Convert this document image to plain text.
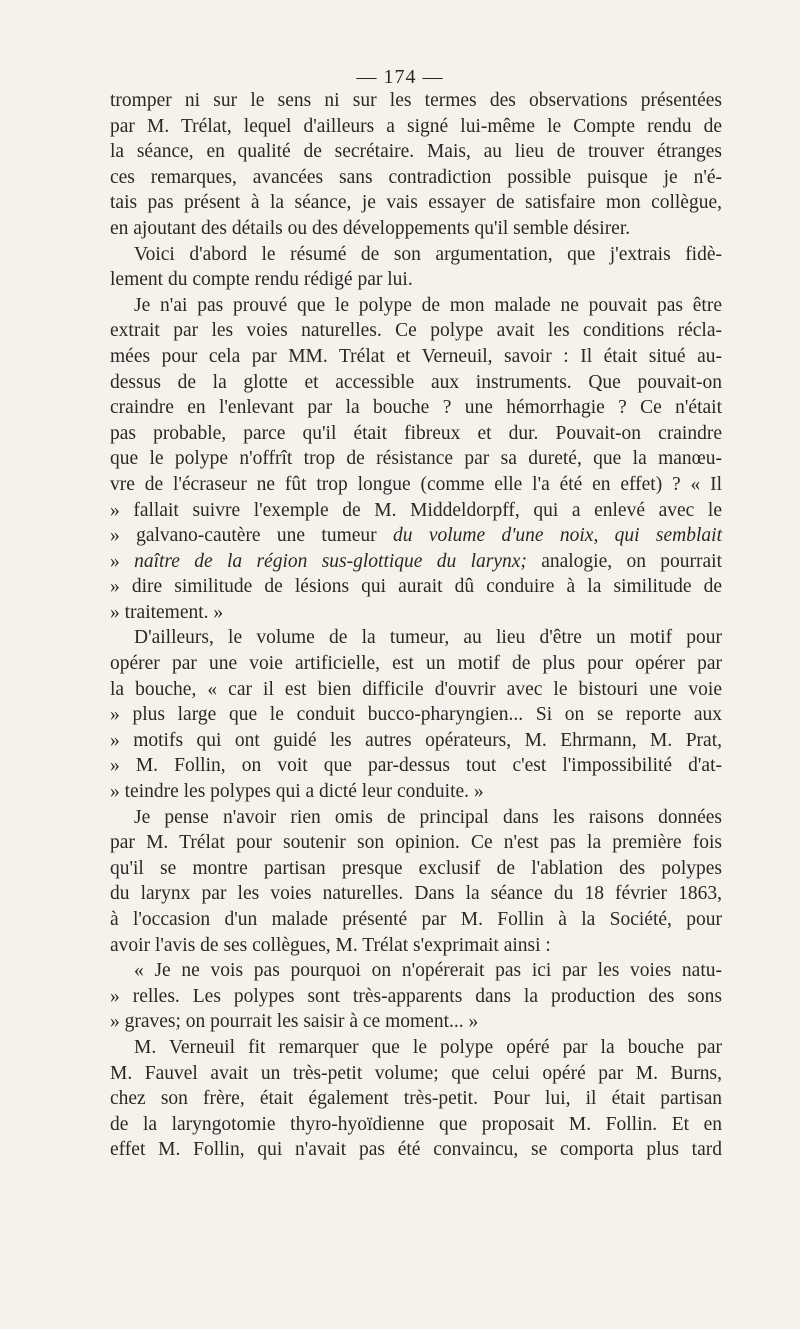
— 174 —
tromper ni sur le sens ni sur les termes des observations présentées
par M. Trélat, lequel d'ailleurs a signé lui-même le Compte rendu de
la séance, en qualité de secrétaire. Mais, au lieu de trouver étranges
ces remarques, avancées sans contradiction possible puisque je n'é-
tais pas présent à la séance, je vais essayer de satisfaire mon collègue,
en ajoutant des détails ou des développements qu'il semble désirer.
Voici d'abord le résumé de son argumentation, que j'extrais fidè-
lement du compte rendu rédigé par lui.
Je n'ai pas prouvé que le polype de mon malade ne pouvait pas être
extrait par les voies naturelles. Ce polype avait les conditions récla-
mées pour cela par MM. Trélat et Verneuil, savoir : Il était situé au-
dessus de la glotte et accessible aux instruments. Que pouvait-on
craindre en l'enlevant par la bouche ? une hémorrhagie ? Ce n'était
pas probable, parce qu'il était fibreux et dur. Pouvait-on craindre
que le polype n'offrît trop de résistance par sa dureté, que la manœu-
vre de l'écraseur ne fût trop longue (comme elle l'a été en effet) ? « Il
» fallait suivre l'exemple de M. Middeldorpff, qui a enlevé avec le
» galvano-cautère une tumeur du volume d'une noix, qui semblait
» naître de la région sus-glottique du larynx; analogie, on pourrait
» dire similitude de lésions qui aurait dû conduire à la similitude de
» traitement. »
D'ailleurs, le volume de la tumeur, au lieu d'être un motif pour
opérer par une voie artificielle, est un motif de plus pour opérer par
la bouche, « car il est bien difficile d'ouvrir avec le bistouri une voie
» plus large que le conduit bucco-pharyngien... Si on se reporte aux
» motifs qui ont guidé les autres opérateurs, M. Ehrmann, M. Prat,
» M. Follin, on voit que par-dessus tout c'est l'impossibilité d'at-
» teindre les polypes qui a dicté leur conduite. »
Je pense n'avoir rien omis de principal dans les raisons données
par M. Trélat pour soutenir son opinion. Ce n'est pas la première fois
qu'il se montre partisan presque exclusif de l'ablation des polypes
du larynx par les voies naturelles. Dans la séance du 18 février 1863,
à l'occasion d'un malade présenté par M. Follin à la Société, pour
avoir l'avis de ses collègues, M. Trélat s'exprimait ainsi :
« Je ne vois pas pourquoi on n'opérerait pas ici par les voies natu-
» relles. Les polypes sont très-apparents dans la production des sons
» graves; on pourrait les saisir à ce moment... »
M. Verneuil fit remarquer que le polype opéré par la bouche par
M. Fauvel avait un très-petit volume; que celui opéré par M. Burns,
chez son frère, était également très-petit. Pour lui, il était partisan
de la laryngotomie thyro-hyoïdienne que proposait M. Follin. Et en
effet M. Follin, qui n'avait pas été convaincu, se comporta plus tard
